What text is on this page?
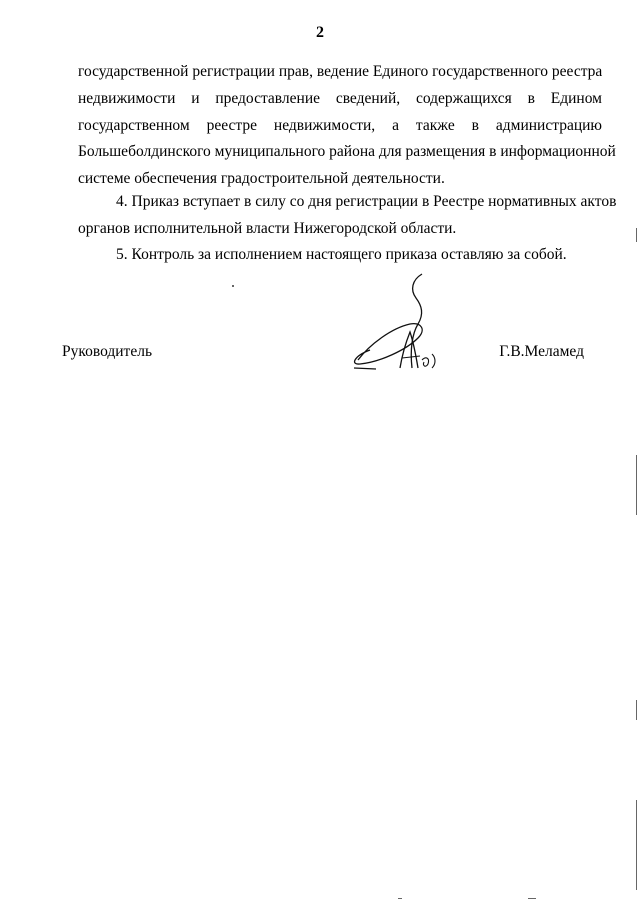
2
государственной регистрации прав, ведение Единого государственного реестра
недвижимости и предоставление сведений, содержащихся в Едином
государственном реестре недвижимости, а также в администрацию
Большеболдинского муниципального района для размещения в информационной
системе обеспечения градостроительной деятельности.
4. Приказ вступает в силу со дня регистрации в Реестре нормативных актов
органов исполнительной власти Нижегородской области.
5. Контроль за исполнением настоящего приказа оставляю за собой.
Руководитель	Г.В.Меламед
